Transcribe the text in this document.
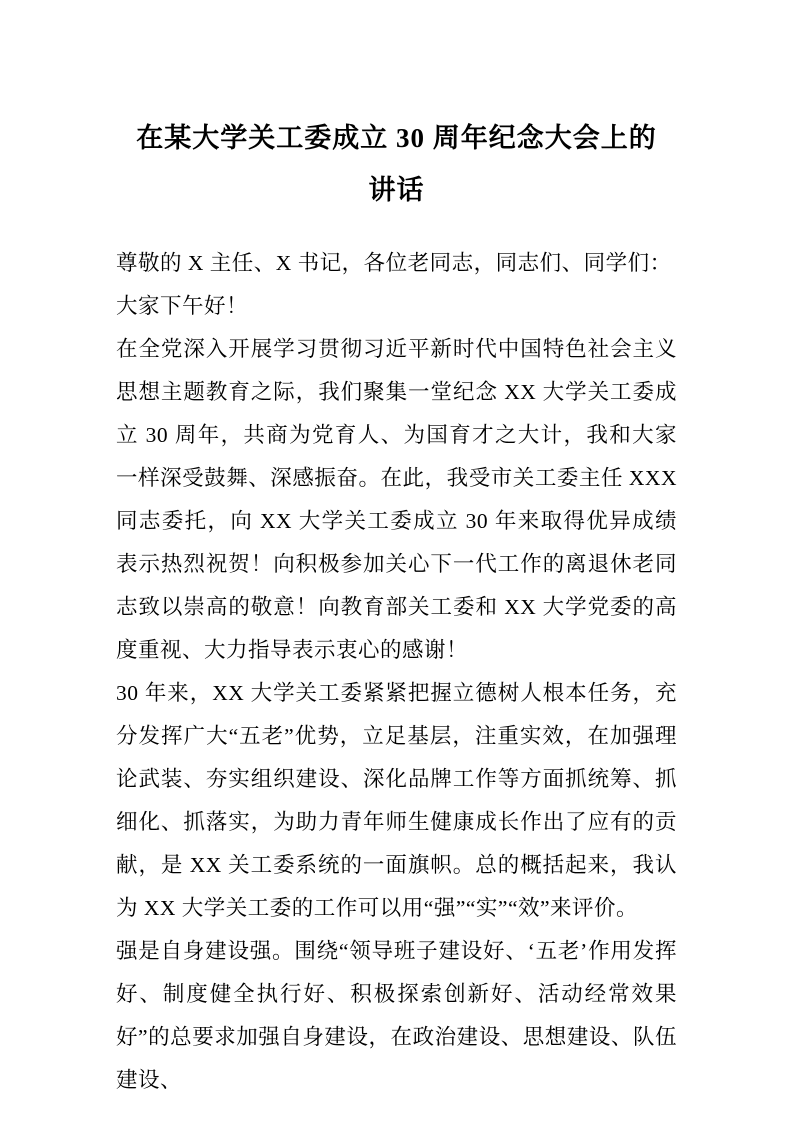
在某大学关工委成立 30 周年纪念大会上的
讲话

尊敬的 X 主任、X 书记，各位老同志，同志们、同学们：

大家下午好！

在全党深入开展学习贯彻习近平新时代中国特色社会主义思想主题教育之际，我们聚集一堂纪念 XX 大学关工委成立 30 周年，共商为党育人、为国育才之大计，我和大家一样深受鼓舞、深感振奋。在此，我受市关工委主任 XXX 同志委托，向 XX 大学关工委成立 30 年来取得优异成绩表示热烈祝贺！向积极参加关心下一代工作的离退休老同志致以崇高的敬意！向教育部关工委和 XX 大学党委的高度重视、大力指导表示衷心的感谢！

30 年来，XX 大学关工委紧紧把握立德树人根本任务，充分发挥广大“五老”优势，立足基层，注重实效，在加强理论武装、夯实组织建设、深化品牌工作等方面抓统筹、抓细化、抓落实，为助力青年师生健康成长作出了应有的贡献，是 XX 关工委系统的一面旗帜。总的概括起来，我认为 XX 大学关工委的工作可以用“强”“实”“效”来评价。

强是自身建设强。围绕“领导班子建设好、‘五老’作用发挥好、制度健全执行好、积极探索创新好、活动经常效果好”的总要求加强自身建设，在政治建设、思想建设、队伍建设、
